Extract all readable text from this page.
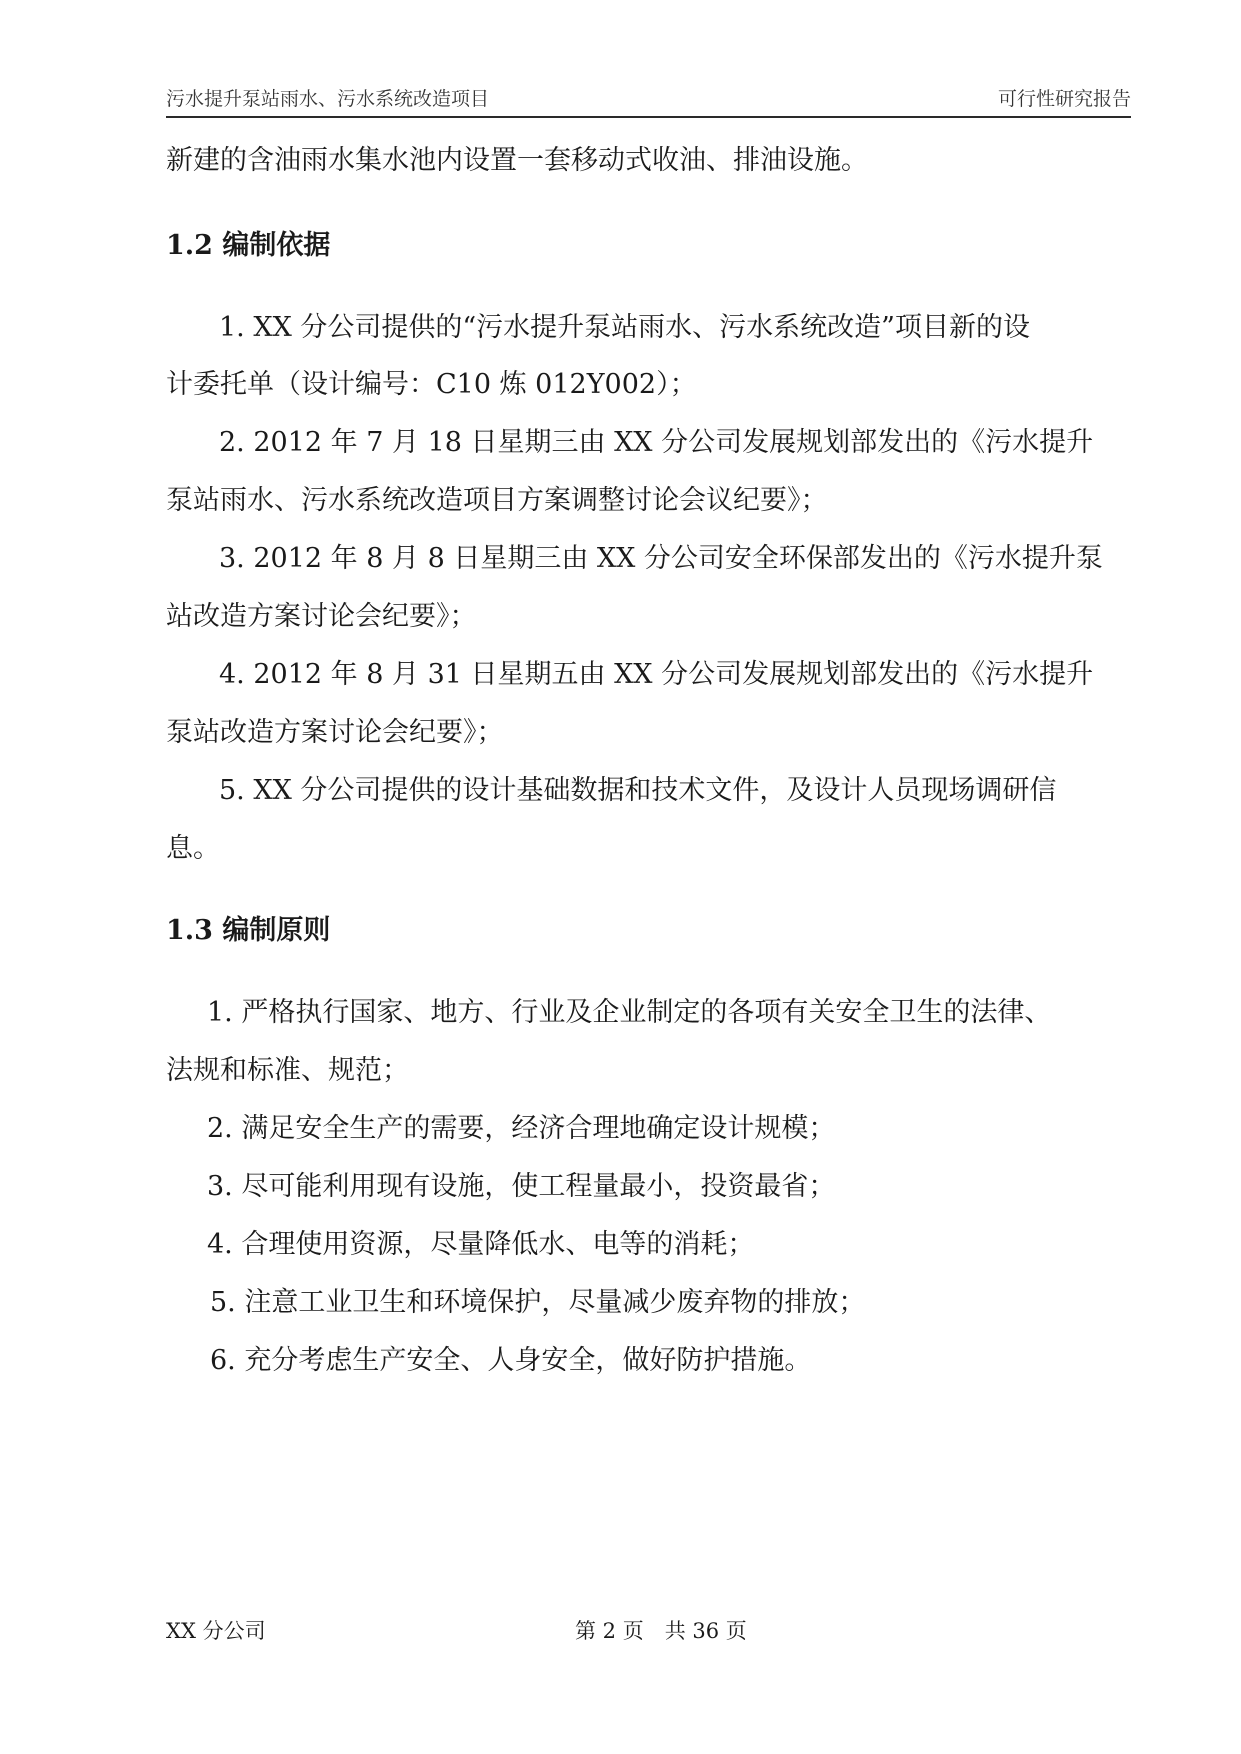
污水提升泵站雨水、污水系统改造项目	可行性研究报告
新建的含油雨水集水池内设置一套移动式收油、排油设施。
1.2 编制依据
1. XX 分公司提供的“污水提升泵站雨水、污水系统改造”项目新的设
计委托单（设计编号：C10 炼 012Y002）；
2. 2012 年 7 月 18 日星期三由 XX 分公司发展规划部发出的《污水提升
泵站雨水、污水系统改造项目方案调整讨论会议纪要》；
3. 2012 年 8 月 8 日星期三由 XX 分公司安全环保部发出的《污水提升泵
站改造方案讨论会纪要》；
4. 2012 年 8 月 31 日星期五由 XX 分公司发展规划部发出的《污水提升
泵站改造方案讨论会纪要》；
5. XX 分公司提供的设计基础数据和技术文件，及设计人员现场调研信
息。
1.3 编制原则
1. 严格执行国家、地方、行业及企业制定的各项有关安全卫生的法律、
法规和标准、规范；
2. 满足安全生产的需要，经济合理地确定设计规模；
3. 尽可能利用现有设施，使工程量最小，投资最省；
4. 合理使用资源，尽量降低水、电等的消耗；
5. 注意工业卫生和环境保护，尽量减少废弃物的排放；
6. 充分考虑生产安全、人身安全，做好防护措施。
XX 分公司	第 2 页　共 36 页
